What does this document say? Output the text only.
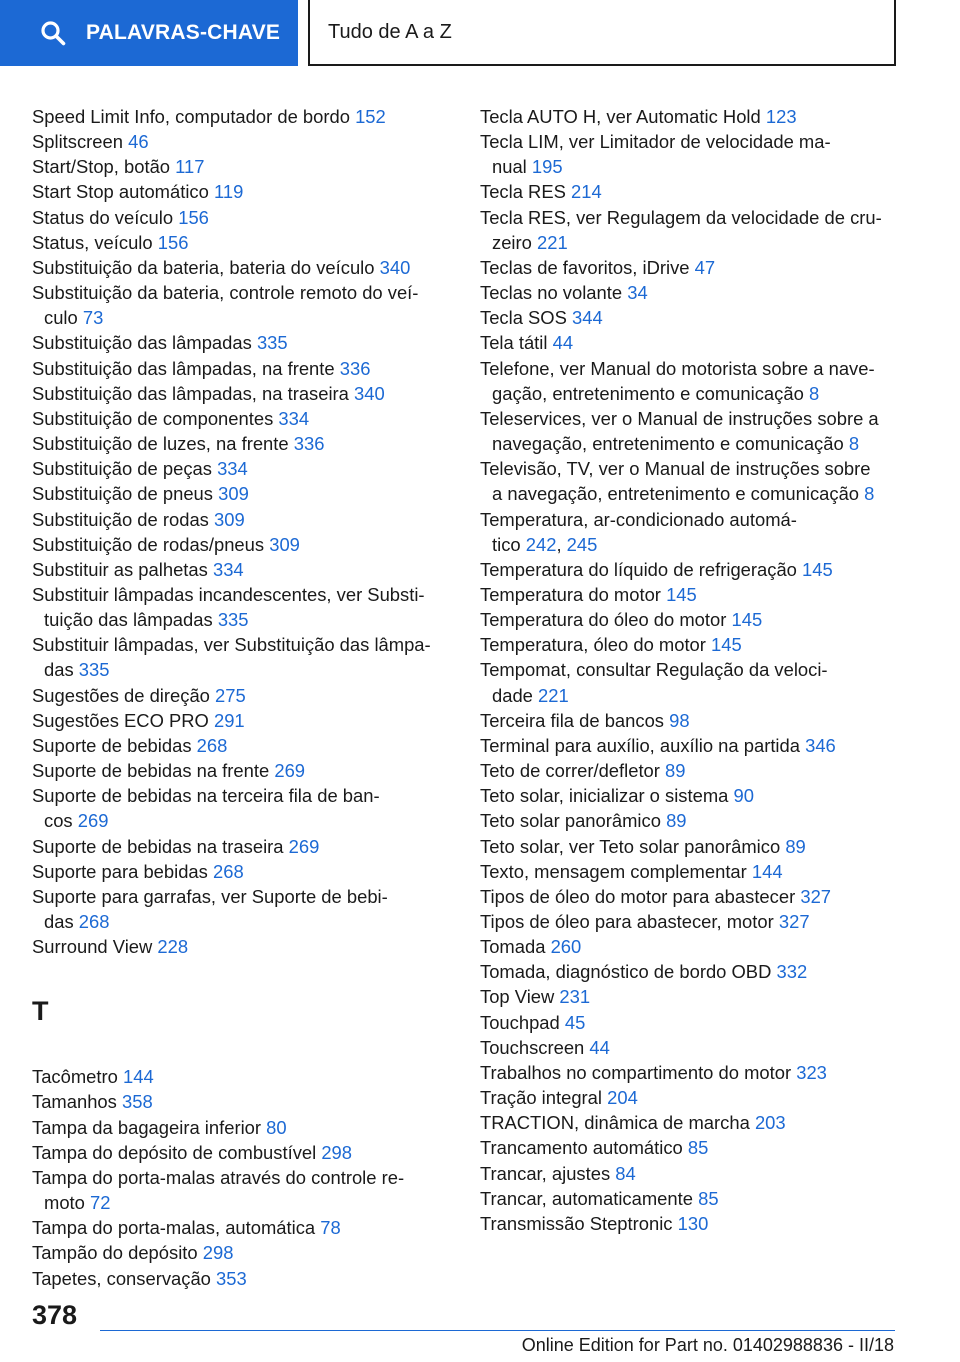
PALAVRAS-CHAVE Tudo de A a Z
Speed Limit Info, computador de bordo 152
Splitscreen 46
Start/Stop, botão 117
Start Stop automático 119
Status do veículo 156
Status, veículo 156
Substituição da bateria, bateria do veículo 340
Substituição da bateria, controle remoto do veí-
culo 73
Substituição das lâmpadas 335
Substituição das lâmpadas, na frente 336
Substituição das lâmpadas, na traseira 340
Substituição de componentes 334
Substituição de luzes, na frente 336
Substituição de peças 334
Substituição de pneus 309
Substituição de rodas 309
Substituição de rodas/pneus 309
Substituir as palhetas 334
Substituir lâmpadas incandescentes, ver Substi-
tuição das lâmpadas 335
Substituir lâmpadas, ver Substituição das lâmpa-
das 335
Sugestões de direção 275
Sugestões ECO PRO 291
Suporte de bebidas 268
Suporte de bebidas na frente 269
Suporte de bebidas na terceira fila de ban-
cos 269
Suporte de bebidas na traseira 269
Suporte para bebidas 268
Suporte para garrafas, ver Suporte de bebi-
das 268
Surround View 228
T
Tacômetro 144
Tamanhos 358
Tampa da bagageira inferior 80
Tampa do depósito de combustível 298
Tampa do porta-malas através do controle re-
moto 72
Tampa do porta-malas, automática 78
Tampão do depósito 298
Tapetes, conservação 353
Tecla AUTO H, ver Automatic Hold 123
Tecla LIM, ver Limitador de velocidade ma-
nual 195
Tecla RES 214
Tecla RES, ver Regulagem da velocidade de cru-
zeiro 221
Teclas de favoritos, iDrive 47
Teclas no volante 34
Tecla SOS 344
Tela tátil 44
Telefone, ver Manual do motorista sobre a nave-
gação, entretenimento e comunicação 8
Teleservices, ver o Manual de instruções sobre a
navegação, entretenimento e comunicação 8
Televisão, TV, ver o Manual de instruções sobre
a navegação, entretenimento e comunicação 8
Temperatura, ar-condicionado automá-
tico 242, 245
Temperatura do líquido de refrigeração 145
Temperatura do motor 145
Temperatura do óleo do motor 145
Temperatura, óleo do motor 145
Tempomat, consultar Regulação da veloci-
dade 221
Terceira fila de bancos 98
Terminal para auxílio, auxílio na partida 346
Teto de correr/defletor 89
Teto solar, inicializar o sistema 90
Teto solar panorâmico 89
Teto solar, ver Teto solar panorâmico 89
Texto, mensagem complementar 144
Tipos de óleo do motor para abastecer 327
Tipos de óleo para abastecer, motor 327
Tomada 260
Tomada, diagnóstico de bordo OBD 332
Top View 231
Touchpad 45
Touchscreen 44
Trabalhos no compartimento do motor 323
Tração integral 204
TRACTION, dinâmica de marcha 203
Trancamento automático 85
Trancar, ajustes 84
Trancar, automaticamente 85
Transmissão Steptronic 130
378
Online Edition for Part no. 01402988836 - II/18
